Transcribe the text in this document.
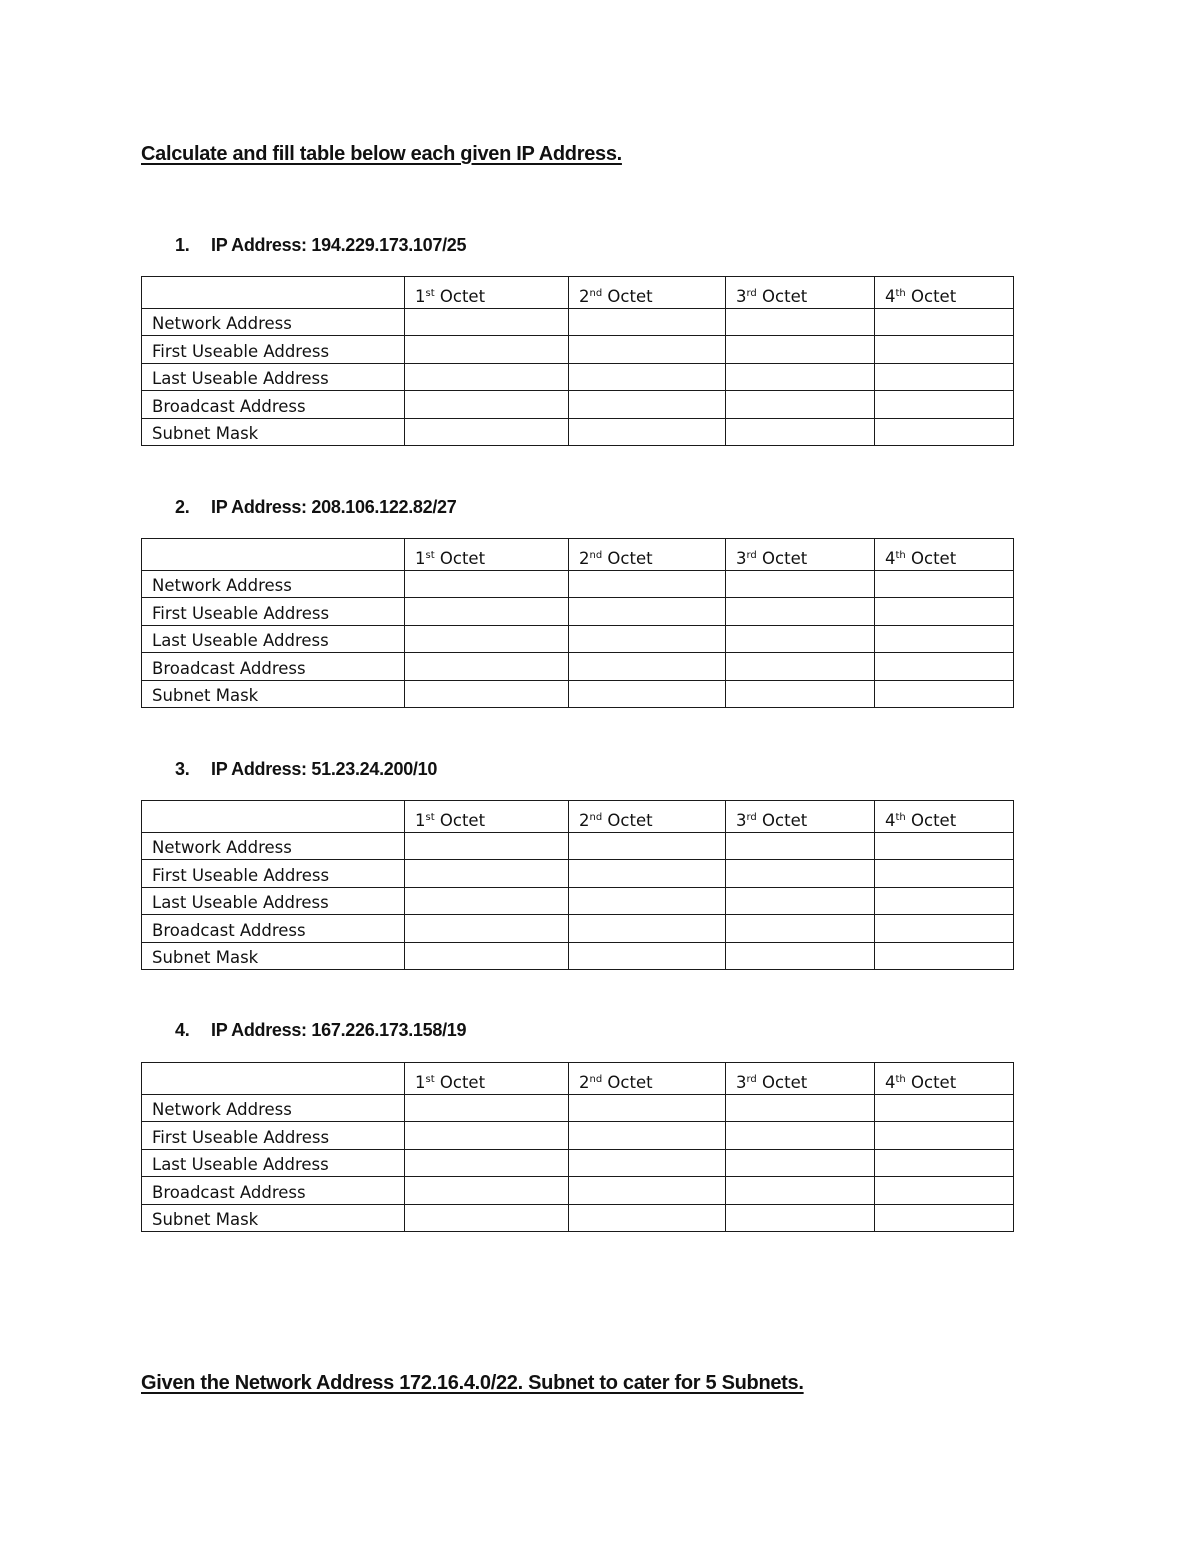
Calculate and fill table below each given IP Address.
1.	IP Address: 194.229.173.107/25
	1st Octet	2nd Octet	3rd Octet	4th Octet
Network Address				
First Useable Address				
Last Useable Address				
Broadcast Address				
Subnet Mask				
2.	IP Address: 208.106.122.82/27
	1st Octet	2nd Octet	3rd Octet	4th Octet
Network Address				
First Useable Address				
Last Useable Address				
Broadcast Address				
Subnet Mask				
3.	IP Address: 51.23.24.200/10
	1st Octet	2nd Octet	3rd Octet	4th Octet
Network Address				
First Useable Address				
Last Useable Address				
Broadcast Address				
Subnet Mask				
4.	IP Address: 167.226.173.158/19
	1st Octet	2nd Octet	3rd Octet	4th Octet
Network Address				
First Useable Address				
Last Useable Address				
Broadcast Address				
Subnet Mask				
Given the Network Address 172.16.4.0/22. Subnet to cater for 5 Subnets.
